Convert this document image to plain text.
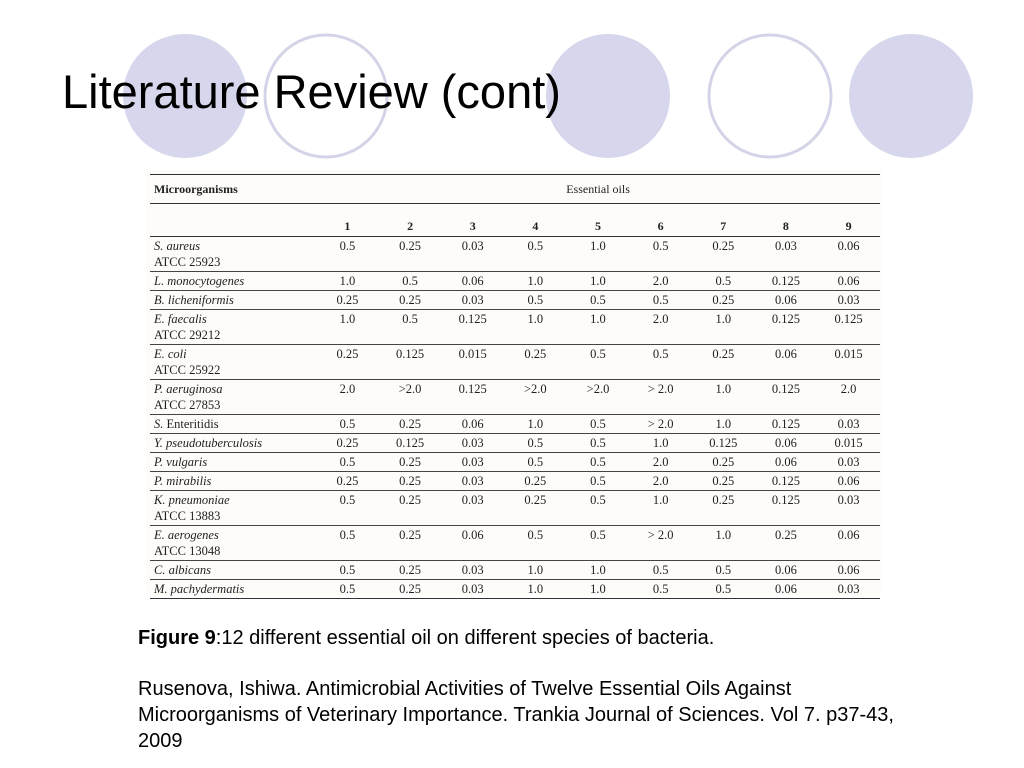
Literature Review (cont)
Microorganisms	Essential oils								
	1	2	3	4	5	6	7	8	9
S. aureus
ATCC 25923	0.5	0.25	0.03	0.5	1.0	0.5	0.25	0.03	0.06
L. monocytogenes	1.0	0.5	0.06	1.0	1.0	2.0	0.5	0.125	0.06
B. licheniformis	0.25	0.25	0.03	0.5	0.5	0.5	0.25	0.06	0.03
E. faecalis
ATCC 29212	1.0	0.5	0.125	1.0	1.0	2.0	1.0	0.125	0.125
E. coli
ATCC 25922	0.25	0.125	0.015	0.25	0.5	0.5	0.25	0.06	0.015
P. aeruginosa
ATCC 27853	2.0	>2.0	0.125	>2.0	>2.0	> 2.0	1.0	0.125	2.0
S. Enteritidis	0.5	0.25	0.06	1.0	0.5	> 2.0	1.0	0.125	0.03
Y. pseudotuberculosis	0.25	0.125	0.03	0.5	0.5	1.0	0.125	0.06	0.015
P. vulgaris	0.5	0.25	0.03	0.5	0.5	2.0	0.25	0.06	0.03
P. mirabilis	0.25	0.25	0.03	0.25	0.5	2.0	0.25	0.125	0.06
K. pneumoniae
ATCC 13883	0.5	0.25	0.03	0.25	0.5	1.0	0.25	0.125	0.03
E. aerogenes
ATCC 13048	0.5	0.25	0.06	0.5	0.5	> 2.0	1.0	0.25	0.06
C. albicans	0.5	0.25	0.03	1.0	1.0	0.5	0.5	0.06	0.06
M. pachydermatis	0.5	0.25	0.03	1.0	1.0	0.5	0.5	0.06	0.03

Figure 9:12 different essential oil on different species of bacteria.

Rusenova, Ishiwa. Antimicrobial Activities of Twelve Essential Oils Against Microorganisms of Veterinary Importance. Trankia Journal of Sciences. Vol 7. p37-43, 2009
